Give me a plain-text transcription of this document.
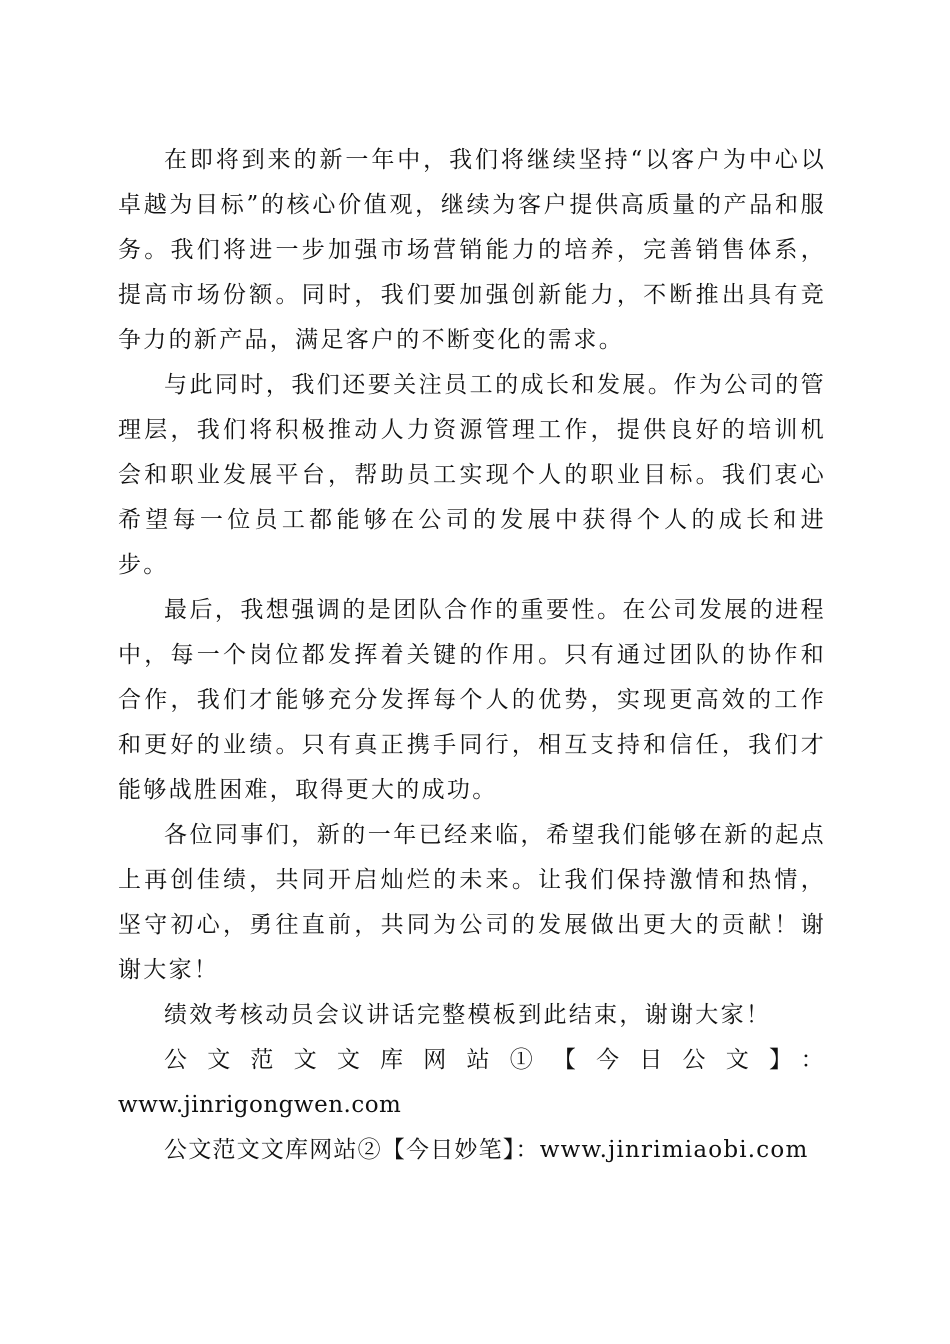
在即将到来的新一年中，我们将继续坚持“以客户为中心以卓越为目标”的核心价值观，继续为客户提供高质量的产品和服务。我们将进一步加强市场营销能力的培养，完善销售体系，提高市场份额。同时，我们要加强创新能力，不断推出具有竞争力的新产品，满足客户的不断变化的需求。

与此同时，我们还要关注员工的成长和发展。作为公司的管理层，我们将积极推动人力资源管理工作，提供良好的培训机会和职业发展平台，帮助员工实现个人的职业目标。我们衷心希望每一位员工都能够在公司的发展中获得个人的成长和进步。

最后，我想强调的是团队合作的重要性。在公司发展的进程中，每一个岗位都发挥着关键的作用。只有通过团队的协作和合作，我们才能够充分发挥每个人的优势，实现更高效的工作和更好的业绩。只有真正携手同行，相互支持和信任，我们才能够战胜困难，取得更大的成功。

各位同事们，新的一年已经来临，希望我们能够在新的起点上再创佳绩，共同开启灿烂的未来。让我们保持激情和热情，坚守初心，勇往直前，共同为公司的发展做出更大的贡献！谢谢大家！

绩效考核动员会议讲话完整模板到此结束，谢谢大家！

公文范文文库网站①【今日公文】：

www.jinrigongwen.com

公文范文文库网站②【今日妙笔】：www.jinrimiaobi.com
